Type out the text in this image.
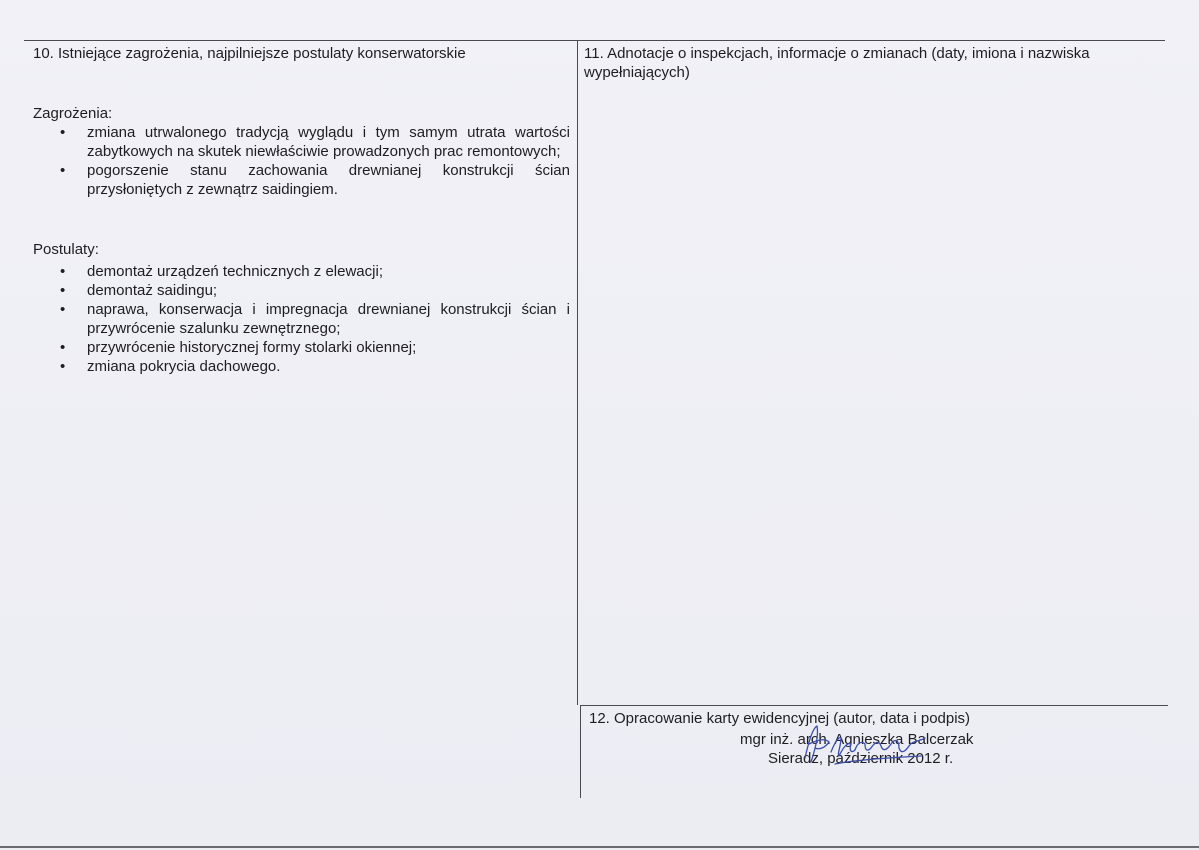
10. Istniejące zagrożenia, najpilniejsze postulaty konserwatorskie
Zagrożenia:
• zmiana utrwalonego tradycją wyglądu i tym samym utrata wartości zabytkowych na skutek niewłaściwie prowadzonych prac remontowych;
• pogorszenie stanu zachowania drewnianej konstrukcji ścian przysłoniętych z zewnątrz saidingiem.
Postulaty:
• demontaż urządzeń technicznych z elewacji;
• demontaż saidingu;
• naprawa, konserwacja i impregnacja drewnianej konstrukcji ścian i przywrócenie szalunku zewnętrznego;
• przywrócenie historycznej formy stolarki okiennej;
• zmiana pokrycia dachowego.
11. Adnotacje o inspekcjach, informacje o zmianach (daty, imiona i nazwiska wypełniających)
12. Opracowanie karty ewidencyjnej (autor, data i podpis)
mgr inż. arch. Agnieszka Balcerzak
Sieradz, październik 2012 r.
